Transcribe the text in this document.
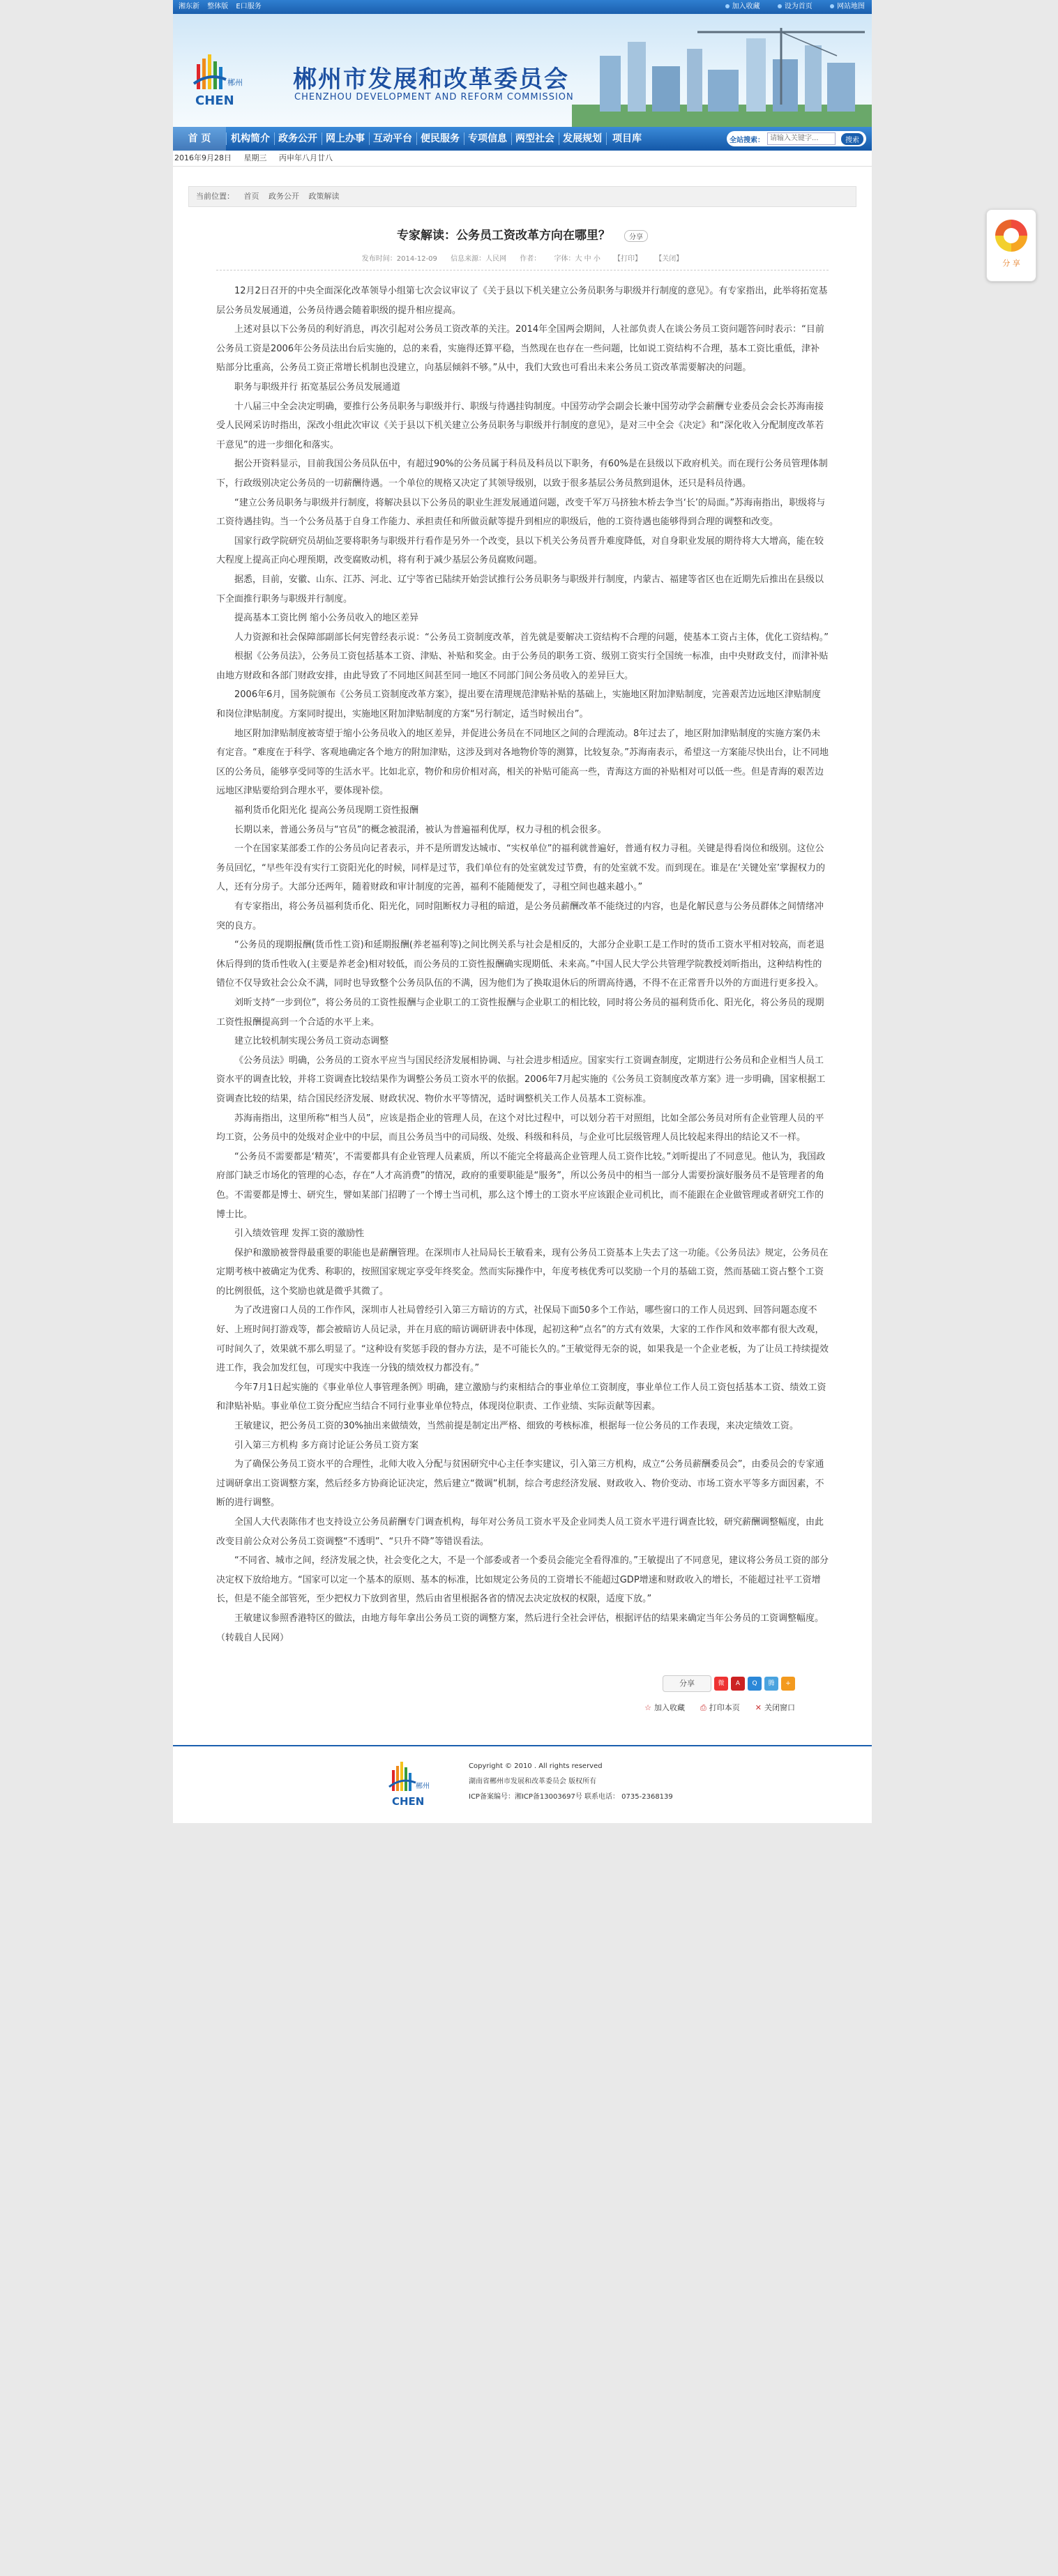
湘东新 整体版 E口服务	加入收藏	设为首页	网站地图
郴州
CHEN
郴州市发展和改革委员会
CHENZHOU DEVELOPMENT AND REFORM COMMISSION
首 页	机构简介 政务公开 网上办事 互动平台 便民服务 专项信息 两型社会 发展规划	项目库	全站搜索： 请输入关键字...	搜索
2016年9月28日 星期三 丙申年八月廿八
当前位置： 首页 政务公开 政策解读
专家解读：公务员工资改革方向在哪里？	分享
发布时间：2014-12-09 信息来源：人民网 作者： 字体：大 中 小 【打印】 【关闭】

12月2日召开的中央全面深化改革领导小组第七次会议审议了《关于县以下机关建立公务员职务与职级并行制度的意见》。有专家指出，此举将拓宽基层公务员发展通道，公务员待遇会随着职级的提升相应提高。

上述对县以下公务员的利好消息，再次引起对公务员工资改革的关注。2014年全国两会期间，人社部负责人在谈公务员工资问题答问时表示：“目前公务员工资是2006年公务员法出台后实施的，总的来看，实施得还算平稳，当然现在也存在一些问题，比如说工资结构不合理，基本工资比重低，津补贴部分比重高，公务员工资正常增长机制也没建立，向基层倾斜不够。”从中，我们大致也可看出未来公务员工资改革需要解决的问题。

职务与职级并行 拓宽基层公务员发展通道

十八届三中全会决定明确，要推行公务员职务与职级并行、职级与待遇挂钩制度。中国劳动学会副会长兼中国劳动学会薪酬专业委员会会长苏海南接受人民网采访时指出，深改小组此次审议《关于县以下机关建立公务员职务与职级并行制度的意见》，是对三中全会《决定》和“深化收入分配制度改革若干意见”的进一步细化和落实。

据公开资料显示，目前我国公务员队伍中，有超过90%的公务员属于科员及科员以下职务，有60%是在县级以下政府机关。而在现行公务员管理体制下，行政级别决定公务员的一切薪酬待遇。一个单位的规格又决定了其领导级别，以致于很多基层公务员熬到退休，还只是科员待遇。

“建立公务员职务与职级并行制度，将解决县以下公务员的职业生涯发展通道问题，改变千军万马挤独木桥去争当‘长’的局面。”苏海南指出，职级将与工资待遇挂钩。当一个公务员基于自身工作能力、承担责任和所做贡献等提升到相应的职级后，他的工资待遇也能够得到合理的调整和改变。

国家行政学院研究员胡仙芝要将职务与职级并行看作是另外一个改变，县以下机关公务员晋升难度降低，对自身职业发展的期待将大大增高，能在较大程度上提高正向心理预期，改变腐败动机，将有利于减少基层公务员腐败问题。

据悉，目前，安徽、山东、江苏、河北、辽宁等省已陆续开始尝试推行公务员职务与职级并行制度，内蒙古、福建等省区也在近期先后推出在县级以下全面推行职务与职级并行制度。

提高基本工资比例 缩小公务员收入的地区差异

人力资源和社会保障部副部长何宪曾经表示说：“公务员工资制度改革，首先就是要解决工资结构不合理的问题，使基本工资占主体，优化工资结构。”

根据《公务员法》，公务员工资包括基本工资、津贴、补贴和奖金。由于公务员的职务工资、级别工资实行全国统一标准，由中央财政支付，而津补贴由地方财政和各部门财政安排，由此导致了不同地区间甚至同一地区不同部门间公务员收入的差异巨大。

2006年6月，国务院颁布《公务员工资制度改革方案》，提出要在清理规范津贴补贴的基础上，实施地区附加津贴制度，完善艰苦边远地区津贴制度和岗位津贴制度。方案同时提出，实施地区附加津贴制度的方案“另行制定，适当时候出台”。

地区附加津贴制度被寄望于缩小公务员收入的地区差异，并促进公务员在不同地区之间的合理流动。8年过去了，地区附加津贴制度的实施方案仍未有定音。“难度在于科学、客观地确定各个地方的附加津贴，这涉及到对各地物价等的测算，比较复杂。”苏海南表示，希望这一方案能尽快出台，让不同地区的公务员，能够享受同等的生活水平。比如北京，物价和房价相对高，相关的补贴可能高一些，青海这方面的补贴相对可以低一些。但是青海的艰苦边远地区津贴要给到合理水平，要体现补偿。

福利货币化阳光化 提高公务员现期工资性报酬

长期以来，普通公务员与“官员”的概念被混淆，被认为普遍福利优厚，权力寻租的机会很多。

一个在国家某部委工作的公务员向记者表示，并不是所谓发达城市、“实权单位”的福利就普遍好，普通有权力寻租。关键是得看岗位和级别。这位公务员回忆，“早些年没有实行工资阳光化的时候，同样是过节，我们单位有的处室就发过节费，有的处室就不发。而到现在。谁是在‘关键处室’掌握权力的人，还有分房子。大部分还两年，随着财政和审计制度的完善，福利不能随便发了，寻租空间也越来越小。”

有专家指出，将公务员福利货币化、阳光化，同时阻断权力寻租的暗道，是公务员薪酬改革不能绕过的内容，也是化解民意与公务员群体之间情绪冲突的良方。

“公务员的现期报酬(货币性工资)和延期报酬(养老福利等)之间比例关系与社会是相反的，大部分企业职工是工作时的货币工资水平相对较高，而老退休后得到的货币性收入(主要是养老金)相对较低，而公务员的工资性报酬确实现期低、未来高。”中国人民大学公共管理学院教授刘昕指出，这种结构性的错位不仅导致社会公众不满，同时也导致整个公务员队伍的不满，因为他们为了换取退休后的所谓高待遇，不得不在正常晋升以外的方面进行更多投入。

刘昕支持“一步到位”，将公务员的工资性报酬与企业职工的工资性报酬与企业职工的相比较，同时将公务员的福利货币化、阳光化，将公务员的现期工资性报酬提高到一个合适的水平上来。

建立比较机制实现公务员工资动态调整

《公务员法》明确，公务员的工资水平应当与国民经济发展相协调、与社会进步相适应。国家实行工资调查制度，定期进行公务员和企业相当人员工资水平的调查比较，并将工资调查比较结果作为调整公务员工资水平的依据。2006年7月起实施的《公务员工资制度改革方案》进一步明确，国家根据工资调查比较的结果，结合国民经济发展、财政状况、物价水平等情况，适时调整机关工作人员基本工资标准。

苏海南指出，这里所称“相当人员”，应该是指企业的管理人员，在这个对比过程中，可以划分若干对照组，比如全部公务员对所有企业管理人员的平均工资，公务员中的处级对企业中的中层，而且公务员当中的司局级、处级、科级和科员，与企业可比层级管理人员比较起来得出的结论又不一样。

“公务员不需要都是‘精英’，不需要都具有企业管理人员素质，所以不能完全将最高企业管理人员工资作比较。”刘昕提出了不同意见。他认为，我国政府部门缺乏市场化的管理的心态，存在“人才高消费”的情况，政府的重要职能是“服务”，所以公务员中的相当一部分人需要扮演好服务员不是管理者的角色。不需要都是博士、研究生，譬如某部门招聘了一个博士当司机，那么这个博士的工资水平应该跟企业司机比，而不能跟在企业做管理或者研究工作的博士比。

引入绩效管理 发挥工资的激励性

保护和激励被誉得最重要的职能也是薪酬管理。在深圳市人社局局长王敏看来，现有公务员工资基本上失去了这一功能。《公务员法》规定，公务员在定期考核中被确定为优秀、称职的，按照国家规定享受年终奖金。然而实际操作中，年度考核优秀可以奖励一个月的基础工资，然而基础工资占整个工资的比例很低，这个奖励也就是微乎其微了。

为了改进窗口人员的工作作风，深圳市人社局曾经引入第三方暗访的方式，社保局下面50多个工作站，哪些窗口的工作人员迟到、回答问题态度不好、上班时间打游戏等，都会被暗访人员记录，并在月底的暗访调研讲表中体现，起初这种“点名”的方式有效果，大家的工作作风和效率都有很大改观，可时间久了，效果就不那么明显了。“这种设有奖惩手段的督办方法，是不可能长久的。”王敏觉得无奈的说，如果我是一个企业老板，为了让员工持续提效进工作，我会加发红包，可现实中我连一分钱的绩效权力都没有。”

今年7月1日起实施的《事业单位人事管理条例》明确，建立激励与约束相结合的事业单位工资制度，事业单位工作人员工资包括基本工资、绩效工资和津贴补贴。事业单位工资分配应当结合不同行业事业单位特点，体现岗位职责、工作业绩、实际贡献等因素。

王敏建议，把公务员工资的30%抽出来做绩效，当然前提是制定出严格、细致的考核标准，根据每一位公务员的工作表现，来决定绩效工资。

引入第三方机构 多方商讨论证公务员工资方案

为了确保公务员工资水平的合理性，北师大收入分配与贫困研究中心主任李实建议，引入第三方机构，成立“公务员薪酬委员会”，由委员会的专家通过调研拿出工资调整方案，然后经多方协商论证决定，然后建立“微调”机制，综合考虑经济发展、财政收入、物价变动、市场工资水平等多方面因素，不断的进行调整。

全国人大代表陈伟才也支持设立公务员薪酬专门调查机构，每年对公务员工资水平及企业同类人员工资水平进行调查比较，研究薪酬调整幅度，由此改变目前公众对公务员工资调整“不透明”、“只升不降”等错误看法。

“不同省、城市之间，经济发展之快，社会变化之大，不是一个部委或者一个委员会能完全看得准的。”王敏提出了不同意见，建议将公务员工资的部分决定权下放给地方。“国家可以定一个基本的原则、基本的标准，比如规定公务员的工资增长不能超过GDP增速和财政收入的增长，不能超过社平工资增长，但是不能全部管死，至少把权力下放到省里，然后由省里根据各省的情况去决定放权的权限，适度下放。”

王敏建议参照香港特区的做法，由地方每年拿出公务员工资的调整方案，然后进行全社会评估，根据评估的结果来确定当年公务员的工资调整幅度。（转载自人民网）

分享	微	A	Q	腾	+
☆ 加入收藏 ⎙ 打印本页 ✕ 关闭窗口
郴州
CHEN
Copyright © 2010 . All rights reserved
湖南省郴州市发展和改革委员会 版权所有
ICP备案编号：湘ICP备13003697号 联系电话： 0735-2368139
分 享
